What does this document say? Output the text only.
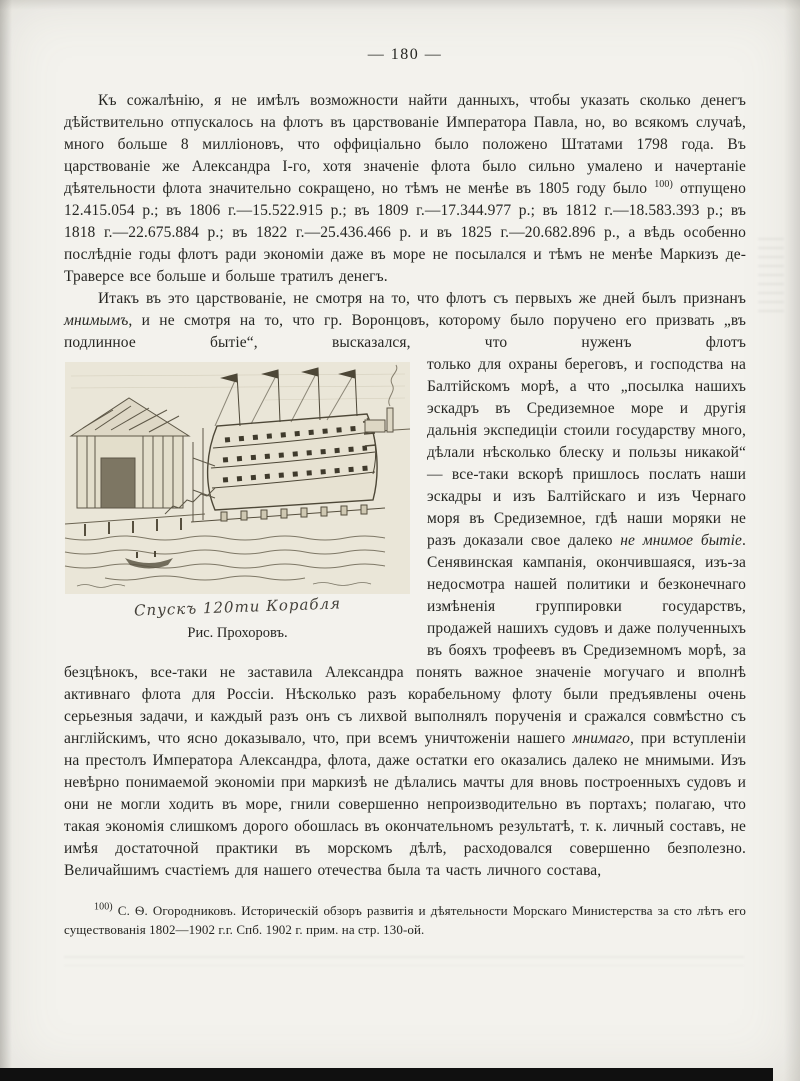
— 180 —

Къ сожалѣнію, я не имѣлъ возможности найти данныхъ, чтобы указать сколько денегъ дѣйствительно отпускалось на флотъ въ царствованіе Императора Павла, но, во всякомъ случаѣ, много больше 8 милліоновъ, что оффиціально было положено Штатами 1798 года. Въ царствованіе же Александра I-го, хотя значеніе флота было сильно умалено и начертаніе дѣятельности флота значительно сокращено, но тѣмъ не менѣе въ 1805 году было $^{100)}$ отпущено 12.415.054 р.; въ 1806 г.—15.522.915 р.; въ 1809 г.—17.344.977 р.; въ 1812 г.—18.583.393 р.; въ 1818 г.—22.675.884 р.; въ 1822 г.—25.436.466 р. и въ 1825 г.—20.682.896 р., а вѣдь особенно послѣдніе годы флотъ ради экономіи даже въ море не посылался и тѣмъ не менѣе Маркизъ де-Траверсе все больше и больше тратилъ денегъ.

Итакъ въ это царствованіе, не смотря на то, что флотъ съ первыхъ же дней былъ признанъ мнимымъ, и не смотря на то, что гр. Воронцовъ, которому было поручено его призвать „въ подлинное бытіе“, высказался, что нуженъ флотъ

Спускъ 120ти Корабля
Рис. Прохоровъ.

только для охраны береговъ, и господства на Балтійскомъ морѣ, а что „посылка нашихъ эскадръ въ Средиземное море и другія дальнія экспедиціи стоили государству много, дѣлали нѣсколько блеску и пользы никакой“ — все-таки вскорѣ пришлось послать наши эскадры и изъ Балтійскаго и изъ Чернаго моря въ Средиземное, гдѣ наши моряки не разъ доказали свое далеко не мнимое бытіе. Сенявинская кампанія, окончившаяся, изъ-за недосмотра нашей политики и безконечнаго измѣненія группировки государствъ, продажей нашихъ судовъ и даже полученныхъ въ бояхъ трофеевъ въ Средиземномъ морѣ, за безцѣнокъ, все-таки не заставила Александра понять важное значеніе могучаго и вполнѣ активнаго флота для Россіи. Нѣсколько разъ корабельному флоту были предъявлены очень серьезныя задачи, и каждый разъ онъ съ лихвой выполнялъ порученія и сражался совмѣстно съ англійскимъ, что ясно доказывало, что, при всемъ уничтоженіи нашего мнимаго, при вступленіи на престолъ Императора Александра, флота, даже остатки его оказались далеко не мнимыми. Изъ невѣрно понимаемой экономіи при маркизѣ не дѣлались мачты для вновь построенныхъ судовъ и они не могли ходить въ море, гнили совершенно непроизводительно въ портахъ; полагаю, что такая экономія слишкомъ дорого обошлась въ окончательномъ результатѣ, т. к. личный составъ, не имѣя достаточной практики въ морскомъ дѣлѣ, расходовался совершенно безполезно. Величайшимъ счастіемъ для нашего отечества была та часть личного состава,

$^{100)}$ С. Ѳ. Огородниковъ. Историческій обзоръ развитія и дѣятельности Морскаго Министерства за сто лѣтъ его существованія 1802—1902 г.г. Спб. 1902 г. прим. на стр. 130-ой.
